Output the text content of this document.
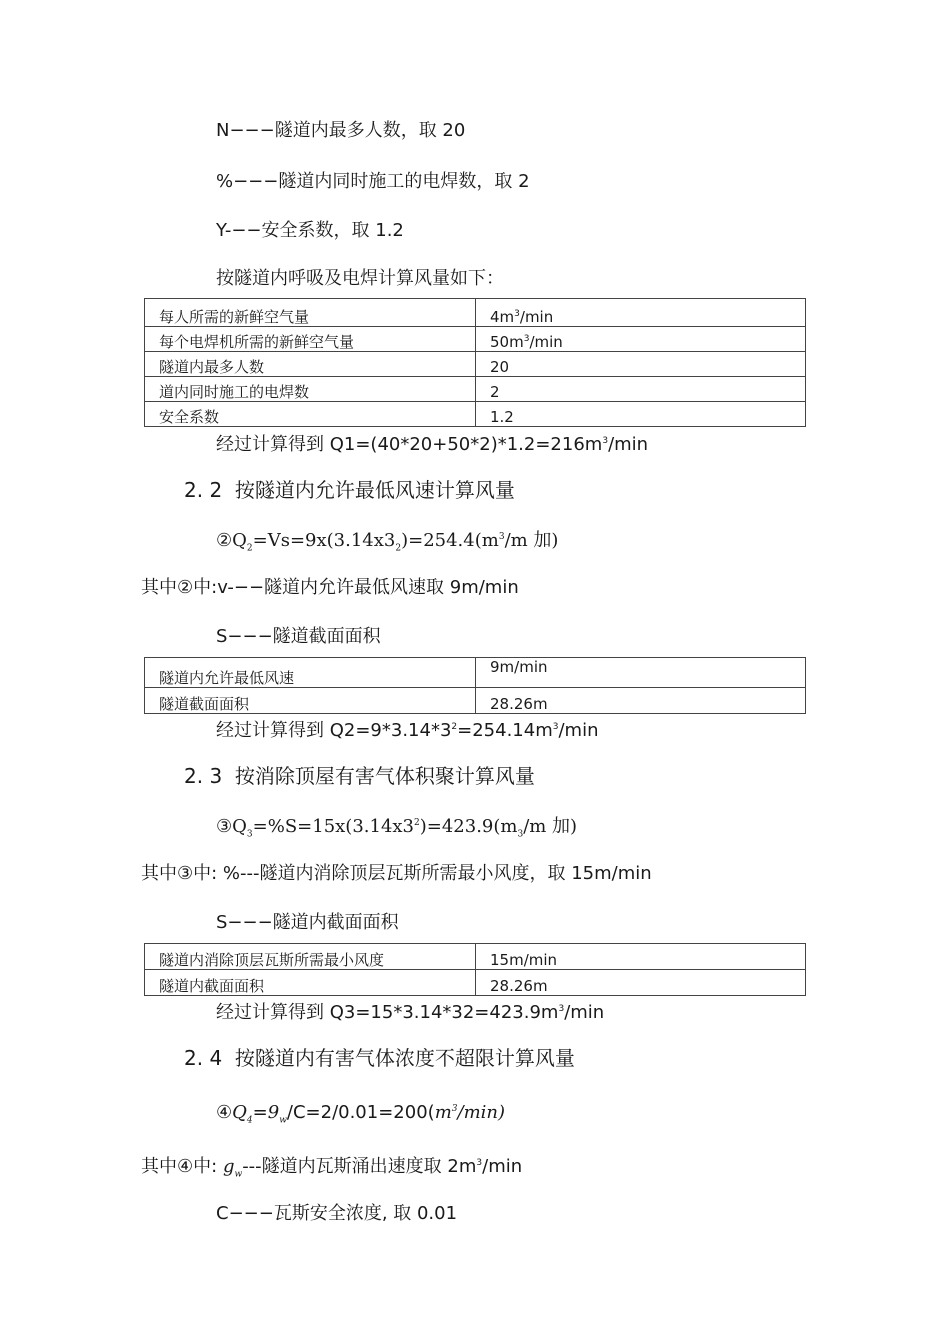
N−−−隧道内最多人数，取 20
%−−−隧道内同时施工的电焊数，取 2
Y-−−安全系数，取 1.2
按隧道内呼吸及电焊计算风量如下：
每人所需的新鲜空气量	$4m^3/\min$
每个电焊机所需的新鲜空气量	$50m^3/\min$
隧道内最多人数	20
道内同时施工的电焊数	2
安全系数	1.2
经过计算得到 $Q1=(40*20+50*2)*1.2=216m^3/\min$
2. 2 按隧道内允许最低风速计算风量
$②Q_2=Vs=9x(3.14x3_2)=254.4(m^3/m$ 加)
其中②中:v-−−隧道内允许最低风速取 9m/min
S−−−隧道截面面积
隧道内允许最低风速	9m/min
隧道截面面积	28.26m
经过计算得到 $Q2=9*3.14*3^2=254.14m^3/\min$
2. 3 按消除顶屋有害气体积聚计算风量
$③Q_3=\%S=15x(3.14x3^2)=423.9(m_3/m$ 加)
其中③中: %---隧道内消除顶层瓦斯所需最小风度，取 15m/min
S−−−隧道内截面面积
隧道内消除顶层瓦斯所需最小风度	15m/min
隧道内截面面积	28.26m
经过计算得到 $Q3=15*3.14*32=423.9m^3/\min$
2. 4 按隧道内有害气体浓度不超限计算风量
$④Q_4=9_w/C=2/0.01=200(m^3/\min)$
其中④中: $g_w---$隧道内瓦斯涌出速度取 $2m^3/\min$
C−−−瓦斯安全浓度, 取 0.01
